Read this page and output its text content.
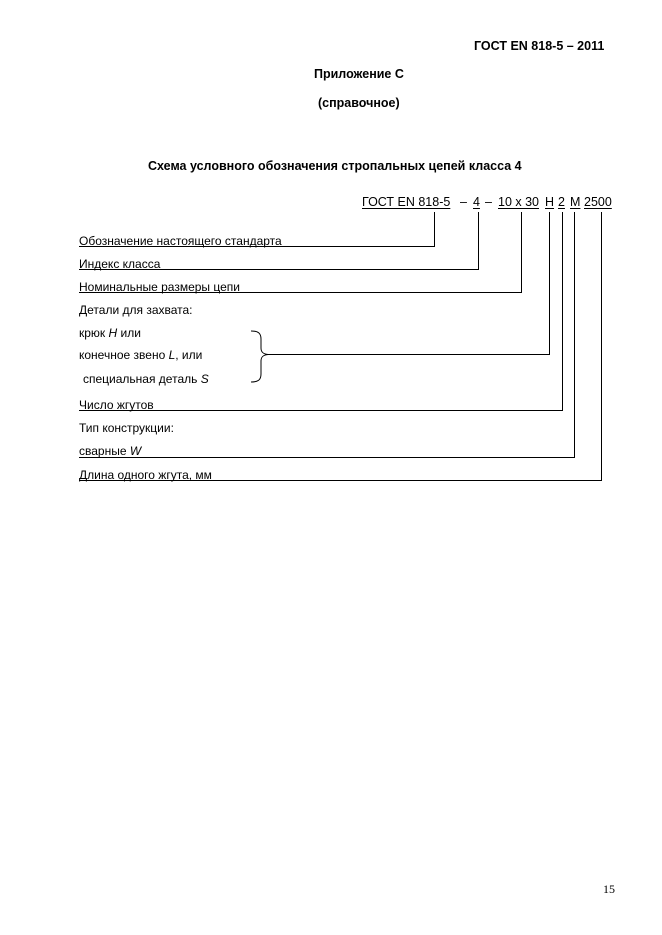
ГОСТ EN 818-5 – 2011
Приложение С
(справочное)
Схема условного обозначения стропальных цепей класса 4
ГОСТ EN 818-5 – 4 – 10 х 30 H 2 M 2500
Обозначение настоящего стандарта
Индекс класса
Номинальные размеры цепи
Детали для захвата:
крюк H или
конечное звено L, или
специальная деталь S
Число жгутов
Тип конструкции:
сварные W
Длина одного жгута, мм
15
